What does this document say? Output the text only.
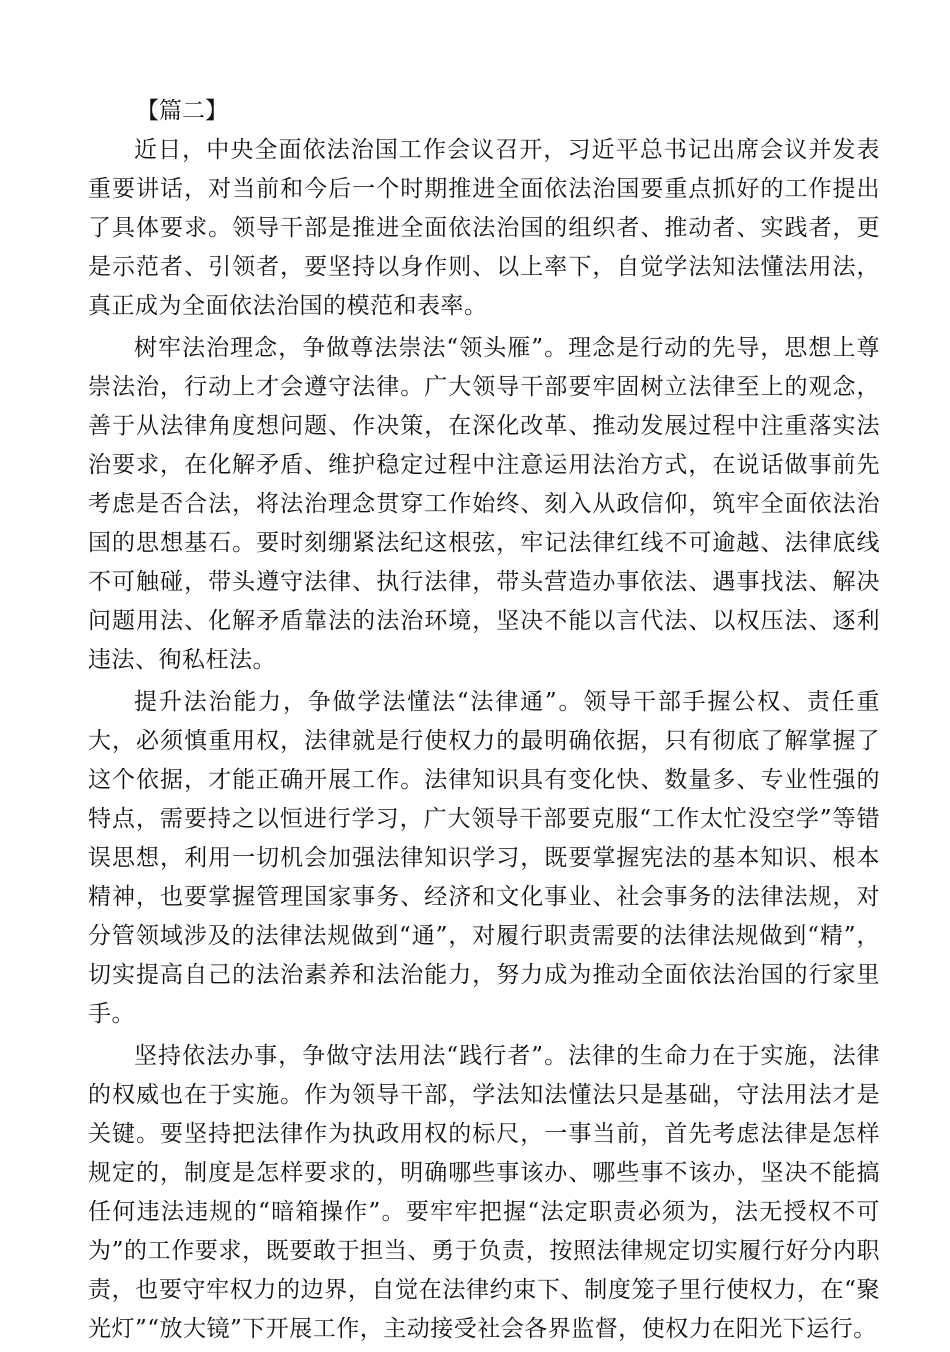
【篇二】

近日，中央全面依法治国工作会议召开，习近平总书记出席会议并发表重要讲话，对当前和今后一个时期推进全面依法治国要重点抓好的工作提出了具体要求。领导干部是推进全面依法治国的组织者、推动者、实践者，更是示范者、引领者，要坚持以身作则、以上率下，自觉学法知法懂法用法，真正成为全面依法治国的模范和表率。

树牢法治理念，争做尊法崇法“领头雁”。理念是行动的先导，思想上尊崇法治，行动上才会遵守法律。广大领导干部要牢固树立法律至上的观念，善于从法律角度想问题、作决策，在深化改革、推动发展过程中注重落实法治要求，在化解矛盾、维护稳定过程中注意运用法治方式，在说话做事前先考虑是否合法，将法治理念贯穿工作始终、刻入从政信仰，筑牢全面依法治国的思想基石。要时刻绷紧法纪这根弦，牢记法律红线不可逾越、法律底线不可触碰，带头遵守法律、执行法律，带头营造办事依法、遇事找法、解决问题用法、化解矛盾靠法的法治环境，坚决不能以言代法、以权压法、逐利违法、徇私枉法。

提升法治能力，争做学法懂法“法律通”。领导干部手握公权、责任重大，必须慎重用权，法律就是行使权力的最明确依据，只有彻底了解掌握了这个依据，才能正确开展工作。法律知识具有变化快、数量多、专业性强的特点，需要持之以恒进行学习，广大领导干部要克服“工作太忙没空学”等错误思想，利用一切机会加强法律知识学习，既要掌握宪法的基本知识、根本精神，也要掌握管理国家事务、经济和文化事业、社会事务的法律法规，对分管领域涉及的法律法规做到“通”，对履行职责需要的法律法规做到“精”，切实提高自己的法治素养和法治能力，努力成为推动全面依法治国的行家里手。

坚持依法办事，争做守法用法“践行者”。法律的生命力在于实施，法律的权威也在于实施。作为领导干部，学法知法懂法只是基础，守法用法才是关键。要坚持把法律作为执政用权的标尺，一事当前，首先考虑法律是怎样规定的，制度是怎样要求的，明确哪些事该办、哪些事不该办，坚决不能搞任何违法违规的“暗箱操作”。要牢牢把握“法定职责必须为，法无授权不可为”的工作要求，既要敢于担当、勇于负责，按照法律规定切实履行好分内职责，也要守牢权力的边界，自觉在法律约束下、制度笼子里行使权力，在“聚光灯”“放大镜”下开展工作，主动接受社会各界监督，使权力在阳光下运行。
